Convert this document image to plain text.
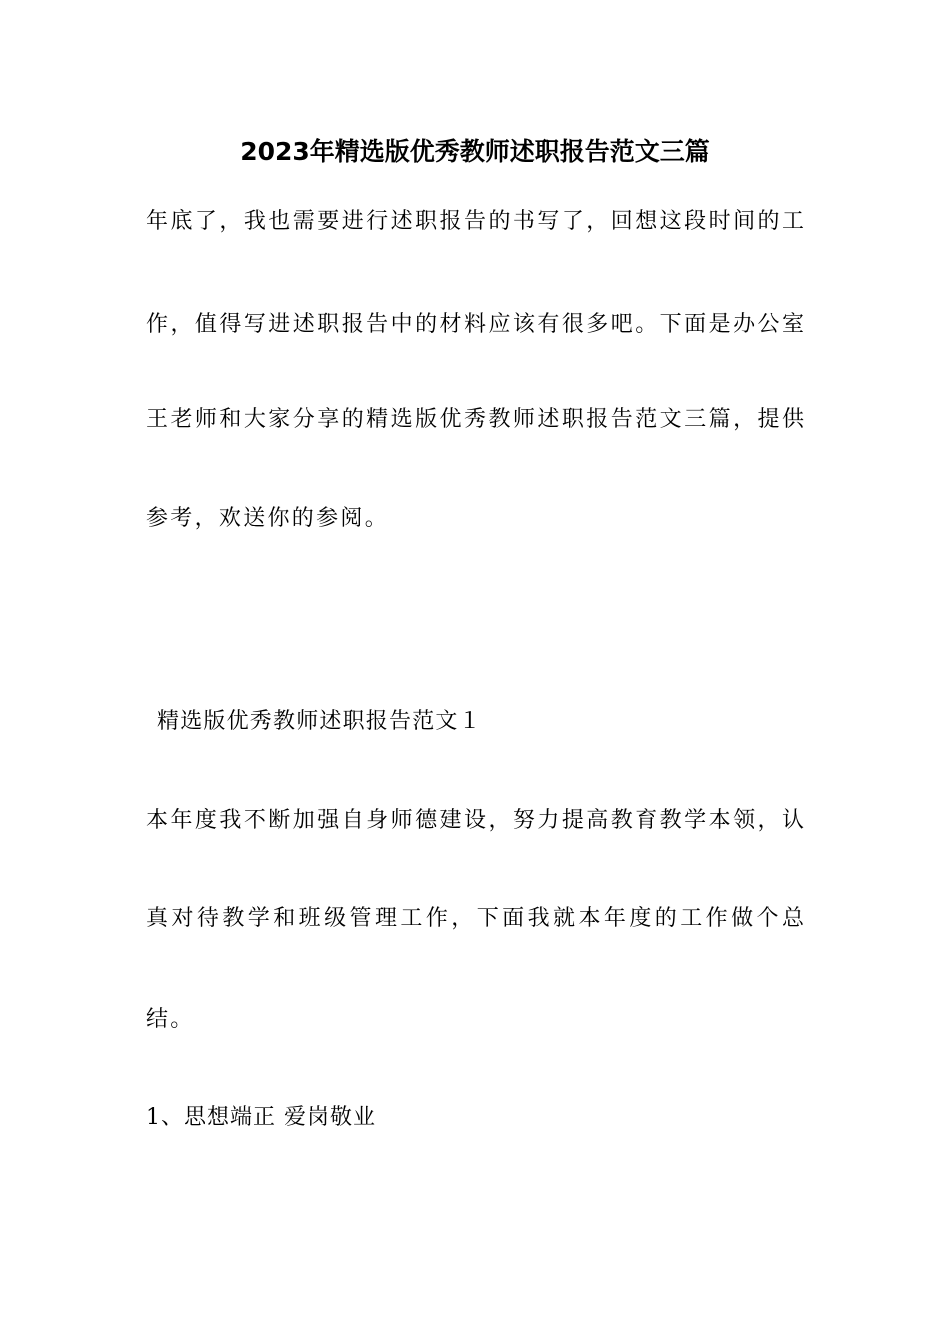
2023年精选版优秀教师述职报告范文三篇
年底了，我也需要进行述职报告的书写了，回想这段时间的工
作，值得写进述职报告中的材料应该有很多吧。下面是办公室
王老师和大家分享的精选版优秀教师述职报告范文三篇，提供
参考，欢送你的参阅。
精选版优秀教师述职报告范文１
本年度我不断加强自身师德建设，努力提高教育教学本领，认
真对待教学和班级管理工作，下面我就本年度的工作做个总
结。
1、思想端正 爱岗敬业
